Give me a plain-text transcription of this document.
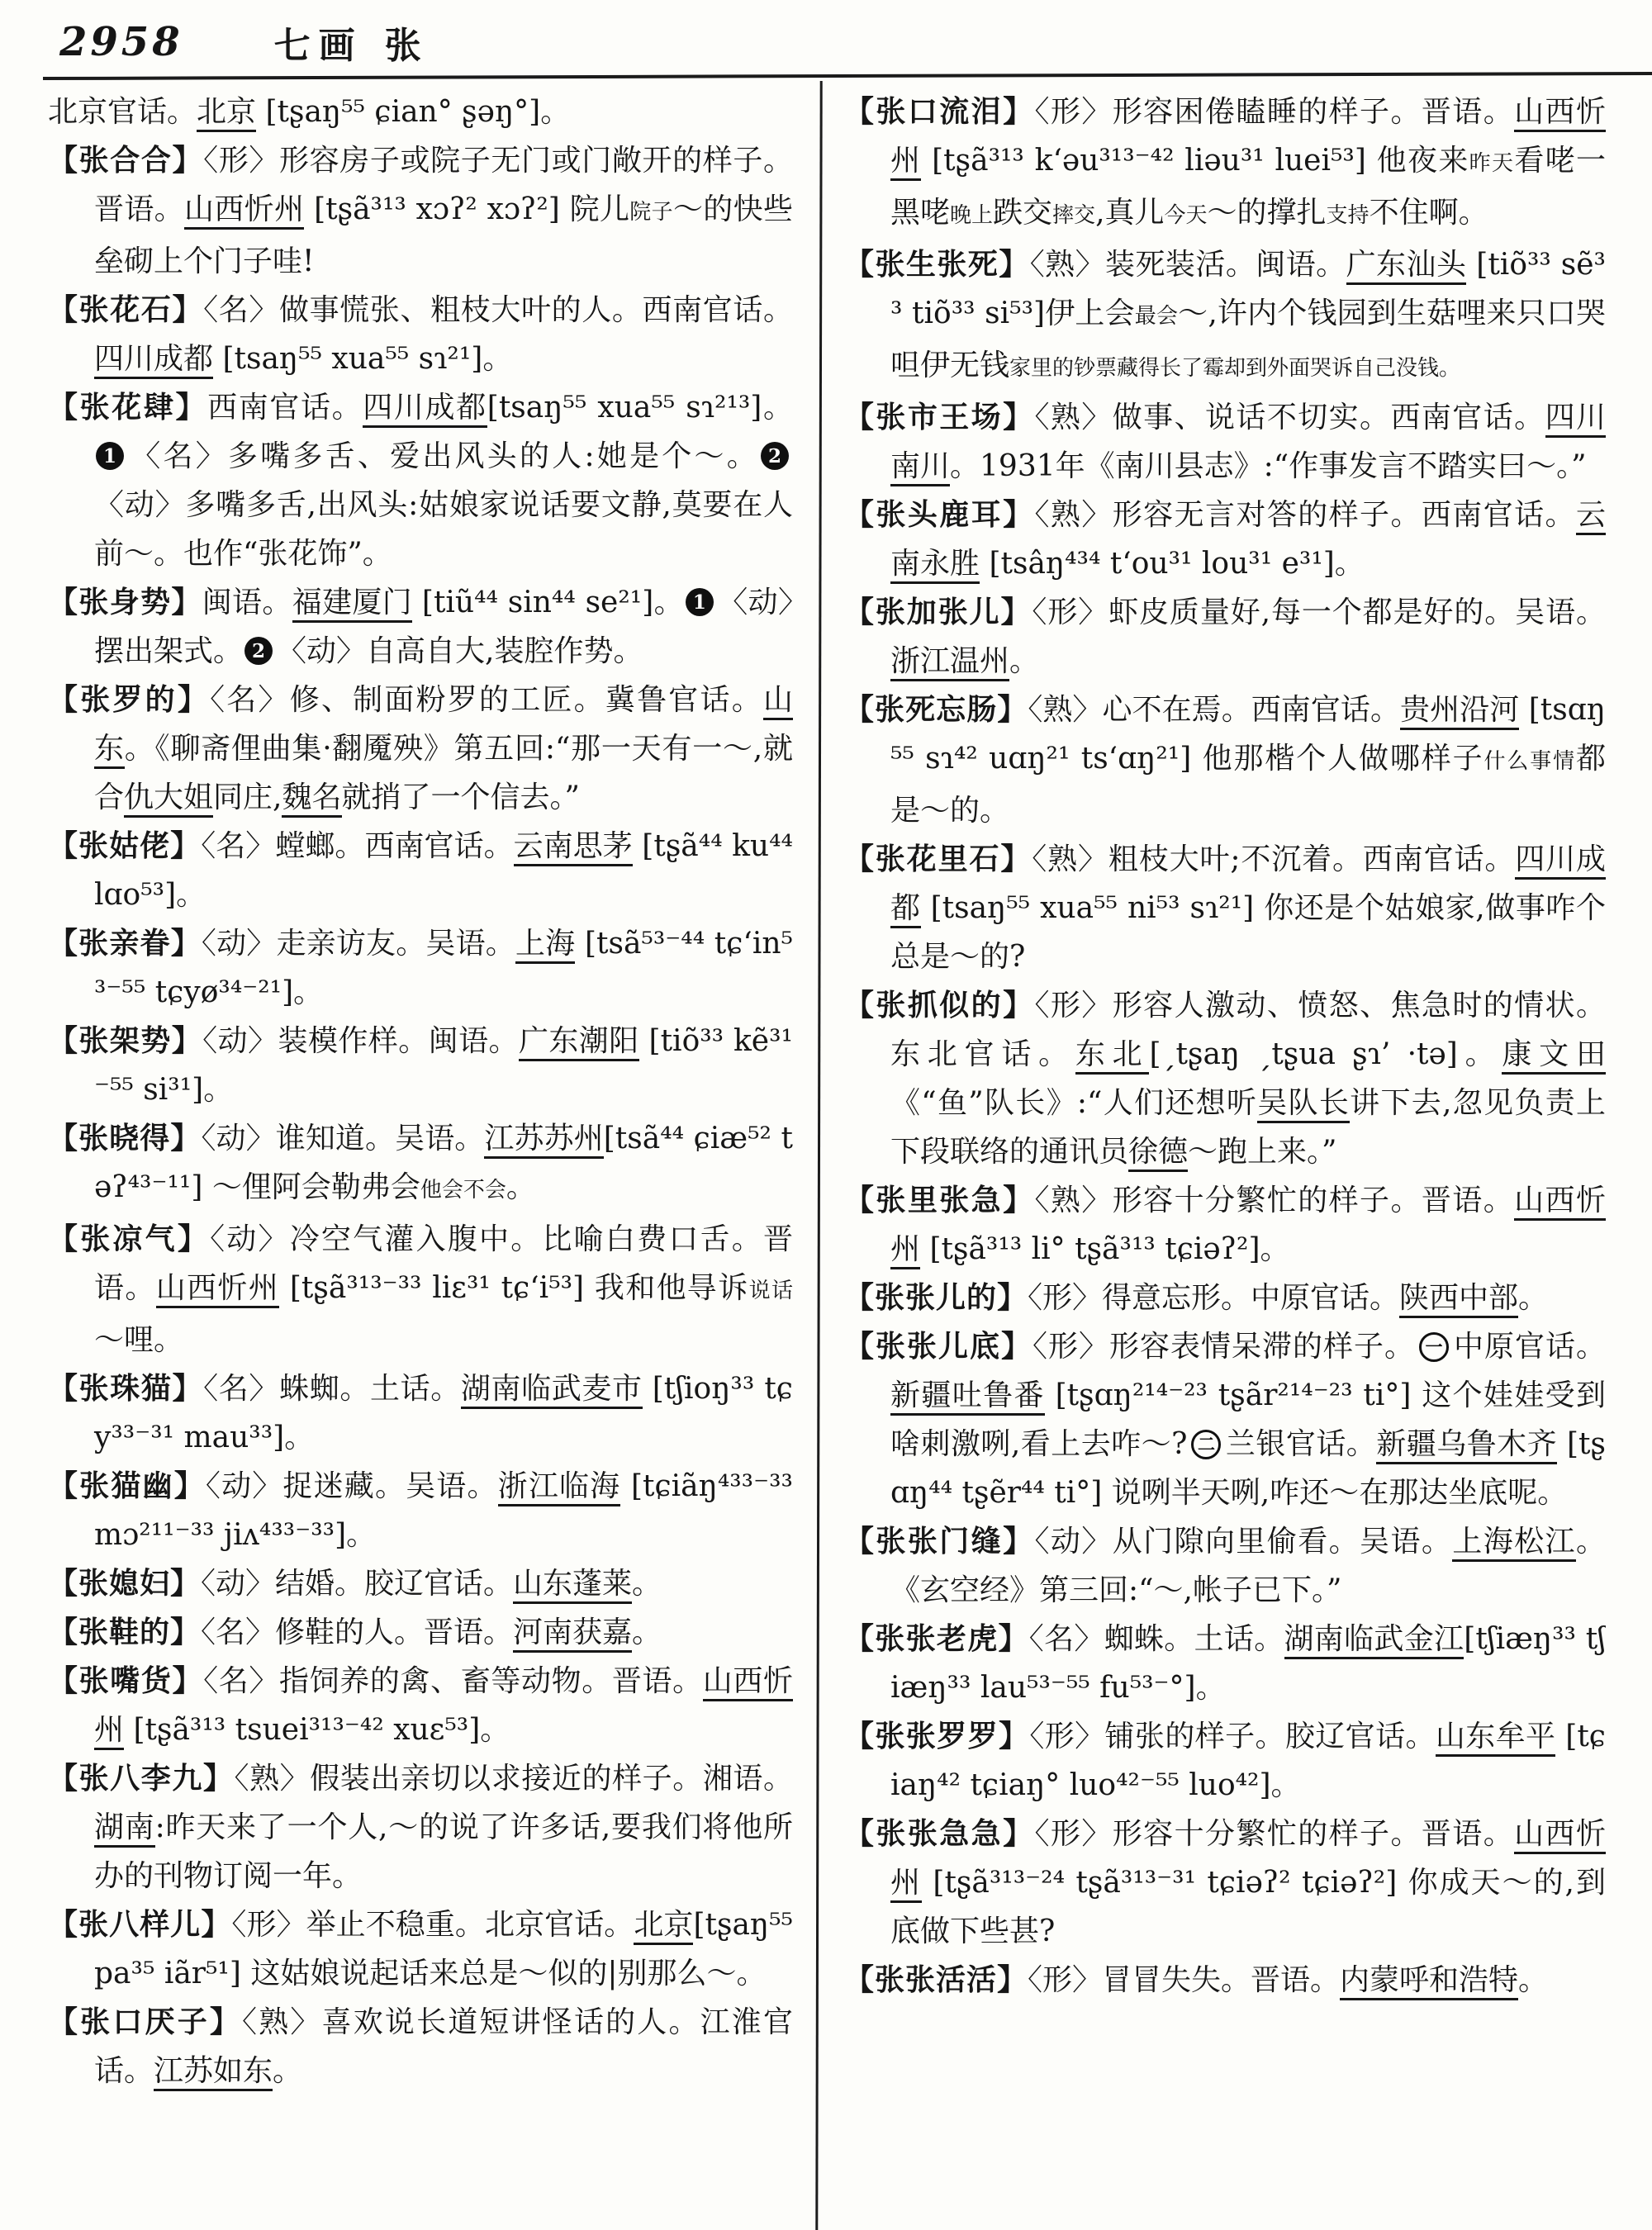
2958	七画 张

北京官话。北京 [tʂaŋ⁵⁵ ɕian° ʂəŋ°]。

【张合合】〈形〉形容房子或院子无门或门敞开的样子。晋语。山西忻州 [tʂã³¹³ xɔʔ² xɔʔ²] 院儿院子～的快些垒砌上个门子哇!

【张花石】〈名〉做事慌张、粗枝大叶的人。西南官话。四川成都 [tsaŋ⁵⁵ xua⁵⁵ sɿ²¹]。

【张花肆】西南官话。四川成都[tsaŋ⁵⁵ xua⁵⁵ sɿ²¹³]。1 〈名〉多嘴多舌、爱出风头的人:她是个～。 2〈动〉多嘴多舌,出风头:姑娘家说话要文静,莫要在人前～。也作“张花饰”。

【张身势】闽语。福建厦门 [tiũ⁴⁴ sin⁴⁴ se²¹]。 1 〈动〉摆出架式。 2 〈动〉自高自大,装腔作势。

【张罗的】〈名〉修、制面粉罗的工匠。冀鲁官话。山东。《聊斋俚曲集·翻魇殃》第五回:“那一天有一～,就合仇大姐同庄,魏名就捎了一个信去。”

【张姑佬】〈名〉螳螂。西南官话。云南思茅 [tʂã⁴⁴ ku⁴⁴ lɑo⁵³]。

【张亲眷】〈动〉走亲访友。吴语。上海 [tsã⁵³⁻⁴⁴ tɕ‘in⁵³⁻⁵⁵ tɕyø³⁴⁻²¹]。

【张架势】〈动〉装模作样。闽语。广东潮阳 [tiõ³³ kẽ³¹⁻⁵⁵ si³¹]。

【张晓得】〈动〉谁知道。吴语。江苏苏州[tsã⁴⁴ ɕiæ⁵² təʔ⁴³⁻¹¹] ～俚阿会勒弗会他会不会。

【张凉气】〈动〉冷空气灌入腹中。比喻白费口舌。晋语。山西忻州 [tʂã³¹³⁻³³ liɛ³¹ tɕ‘i⁵³] 我和他㝵诉说话～哩。

【张珠猫】〈名〉蛛蜘。土话。湖南临武麦市 [tʃioŋ³³ tɕy³³⁻³¹ mau³³]。

【张猫幽】〈动〉捉迷藏。吴语。浙江临海 [tɕiãŋ⁴³³⁻³³ mɔ²¹¹⁻³³ jiʌ⁴³³⁻³³]。

【张媳妇】〈动〉结婚。胶辽官话。山东蓬莱。

【张鞋的】〈名〉修鞋的人。晋语。河南获嘉。

【张嘴货】〈名〉指饲养的禽、畜等动物。晋语。山西忻州 [tʂã³¹³ tsuei³¹³⁻⁴² xuɛ⁵³]。

【张八李九】〈熟〉假装出亲切以求接近的样子。湘语。湖南:昨天来了一个人,～的说了许多话,要我们将他所办的刊物订阅一年。

【张八样儿】〈形〉举止不稳重。北京官话。北京[tʂaŋ⁵⁵ pa³⁵ iãr⁵¹] 这姑娘说起话来总是～似的|别那么～。

【张口厌子】〈熟〉喜欢说长道短讲怪话的人。江淮官话。江苏如东。

【张口流泪】〈形〉形容困倦瞌睡的样子。晋语。山西忻州 [tʂã³¹³ k‘əu³¹³⁻⁴² liəu³¹ luei⁵³] 他夜来昨天看咾一黑咾晚上跌交摔交,真儿今天～的撑扎支持不住啊。

【张生张死】〈熟〉装死装活。闽语。广东汕头 [tiõ³³ sẽ³³ tiõ³³ si⁵³]伊上会最会～,许内个钱园到生菇哩来只口哭呾伊无钱家里的钞票藏得长了霉却到外面哭诉自己没钱。

【张市王场】〈熟〉做事、说话不切实。西南官话。四川南川。1931年《南川县志》:“作事发言不踏实曰～。”

【张头鹿耳】〈熟〉形容无言对答的样子。西南官话。云南永胜 [tsâŋ⁴³⁴ t‘ou³¹ lou³¹ e³¹]。

【张加张儿】〈形〉虾皮质量好,每一个都是好的。吴语。浙江温州。

【张死忘肠】〈熟〉心不在焉。西南官话。贵州沿河 [tsɑŋ⁵⁵ sɿ⁴² uɑŋ²¹ ts‘ɑŋ²¹] 他那楷个人做哪样子什么事情都是～的。

【张花里石】〈熟〉粗枝大叶;不沉着。西南官话。四川成都 [tsaŋ⁵⁵ xua⁵⁵ ni⁵³ sɿ²¹] 你还是个姑娘家,做事咋个总是～的?

【张抓似的】〈形〉形容人激动、愤怒、焦急时的情状。东北官话。东北[ˏtʂaŋ ˏtʂua ʂɿ’ ·tə]。康文田《“鱼”队长》:“人们还想听吴队长讲下去,忽见负责上下段联络的通讯员徐德～跑上来。”

【张里张急】〈熟〉形容十分繁忙的样子。晋语。山西忻州 [tʂã³¹³ li° tʂã³¹³ tɕiəʔ²]。

【张张儿的】〈形〉得意忘形。中原官话。陕西中部。

【张张儿底】〈形〉形容表情呆滞的样子。 一 中原官话。新疆吐鲁番 [tʂɑŋ²¹⁴⁻²³ tʂãr²¹⁴⁻²³ ti°] 这个娃娃受到啥刺激咧,看上去咋～? 二 兰银官话。新疆乌鲁木齐 [tʂɑŋ⁴⁴ tʂẽr⁴⁴ ti°] 说咧半天咧,咋还～在那达坐底呢。

【张张门缝】〈动〉从门隙向里偷看。吴语。上海松江。《玄空经》第三回:“～,帐子已下。”

【张张老虎】〈名〉蜘蛛。土话。湖南临武金江[tʃiæŋ³³ tʃiæŋ³³ lau⁵³⁻⁵⁵ fu⁵³⁻°]。

【张张罗罗】〈形〉铺张的样子。胶辽官话。山东牟平 [tɕiaŋ⁴² tɕiaŋ° luo⁴²⁻⁵⁵ luo⁴²]。

【张张急急】〈形〉形容十分繁忙的样子。晋语。山西忻州 [tʂã³¹³⁻²⁴ tʂã³¹³⁻³¹ tɕiəʔ² tɕiəʔ²] 你成天～的,到底做下些甚?

【张张活活】〈形〉冒冒失失。晋语。内蒙呼和浩特。
